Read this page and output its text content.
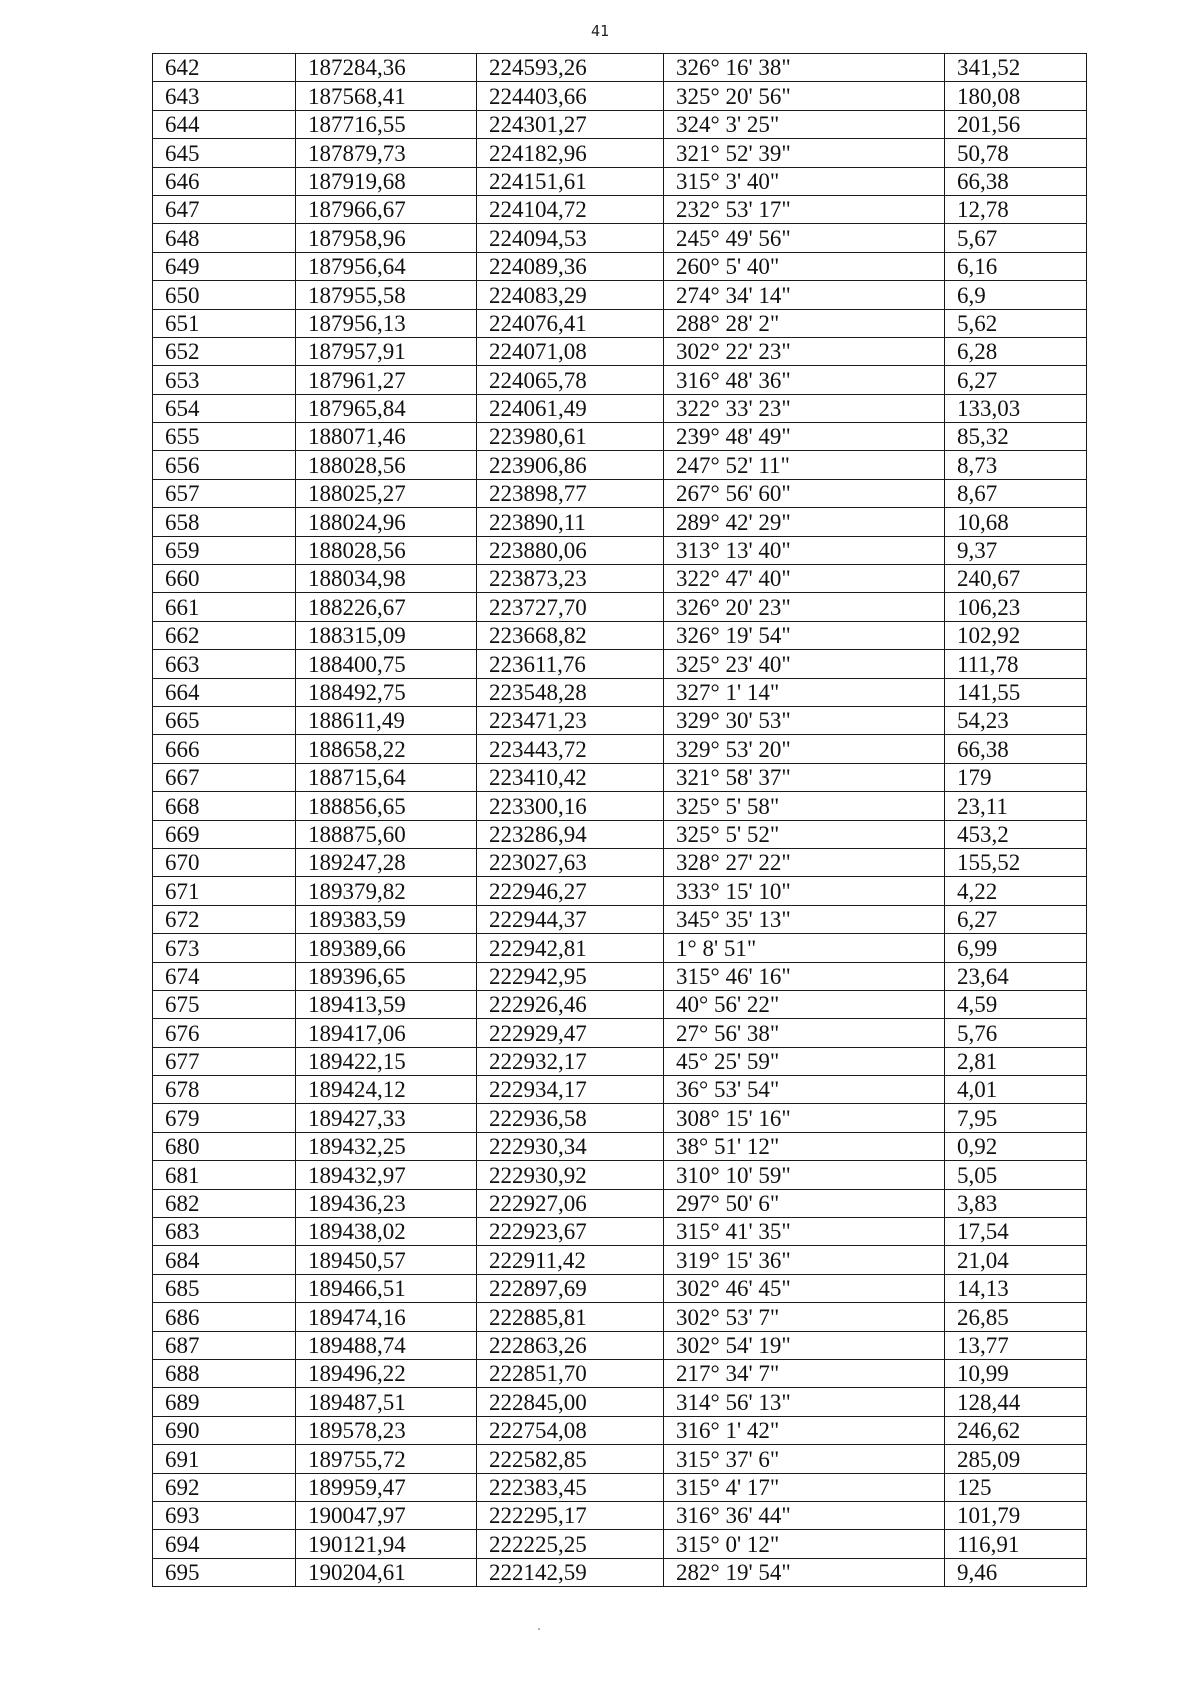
41
642	187284,36	224593,26	326° 16' 38"	341,52
643	187568,41	224403,66	325° 20' 56"	180,08
644	187716,55	224301,27	324° 3' 25"	201,56
645	187879,73	224182,96	321° 52' 39"	50,78
646	187919,68	224151,61	315° 3' 40"	66,38
647	187966,67	224104,72	232° 53' 17"	12,78
648	187958,96	224094,53	245° 49' 56"	5,67
649	187956,64	224089,36	260° 5' 40"	6,16
650	187955,58	224083,29	274° 34' 14"	6,9
651	187956,13	224076,41	288° 28' 2"	5,62
652	187957,91	224071,08	302° 22' 23"	6,28
653	187961,27	224065,78	316° 48' 36"	6,27
654	187965,84	224061,49	322° 33' 23"	133,03
655	188071,46	223980,61	239° 48' 49"	85,32
656	188028,56	223906,86	247° 52' 11"	8,73
657	188025,27	223898,77	267° 56' 60"	8,67
658	188024,96	223890,11	289° 42' 29"	10,68
659	188028,56	223880,06	313° 13' 40"	9,37
660	188034,98	223873,23	322° 47' 40"	240,67
661	188226,67	223727,70	326° 20' 23"	106,23
662	188315,09	223668,82	326° 19' 54"	102,92
663	188400,75	223611,76	325° 23' 40"	111,78
664	188492,75	223548,28	327° 1' 14"	141,55
665	188611,49	223471,23	329° 30' 53"	54,23
666	188658,22	223443,72	329° 53' 20"	66,38
667	188715,64	223410,42	321° 58' 37"	179
668	188856,65	223300,16	325° 5' 58"	23,11
669	188875,60	223286,94	325° 5' 52"	453,2
670	189247,28	223027,63	328° 27' 22"	155,52
671	189379,82	222946,27	333° 15' 10"	4,22
672	189383,59	222944,37	345° 35' 13"	6,27
673	189389,66	222942,81	1° 8' 51"	6,99
674	189396,65	222942,95	315° 46' 16"	23,64
675	189413,59	222926,46	40° 56' 22"	4,59
676	189417,06	222929,47	27° 56' 38"	5,76
677	189422,15	222932,17	45° 25' 59"	2,81
678	189424,12	222934,17	36° 53' 54"	4,01
679	189427,33	222936,58	308° 15' 16"	7,95
680	189432,25	222930,34	38° 51' 12"	0,92
681	189432,97	222930,92	310° 10' 59"	5,05
682	189436,23	222927,06	297° 50' 6"	3,83
683	189438,02	222923,67	315° 41' 35"	17,54
684	189450,57	222911,42	319° 15' 36"	21,04
685	189466,51	222897,69	302° 46' 45"	14,13
686	189474,16	222885,81	302° 53' 7"	26,85
687	189488,74	222863,26	302° 54' 19"	13,77
688	189496,22	222851,70	217° 34' 7"	10,99
689	189487,51	222845,00	314° 56' 13"	128,44
690	189578,23	222754,08	316° 1' 42"	246,62
691	189755,72	222582,85	315° 37' 6"	285,09
692	189959,47	222383,45	315° 4' 17"	125
693	190047,97	222295,17	316° 36' 44"	101,79
694	190121,94	222225,25	315° 0' 12"	116,91
695	190204,61	222142,59	282° 19' 54"	9,46
